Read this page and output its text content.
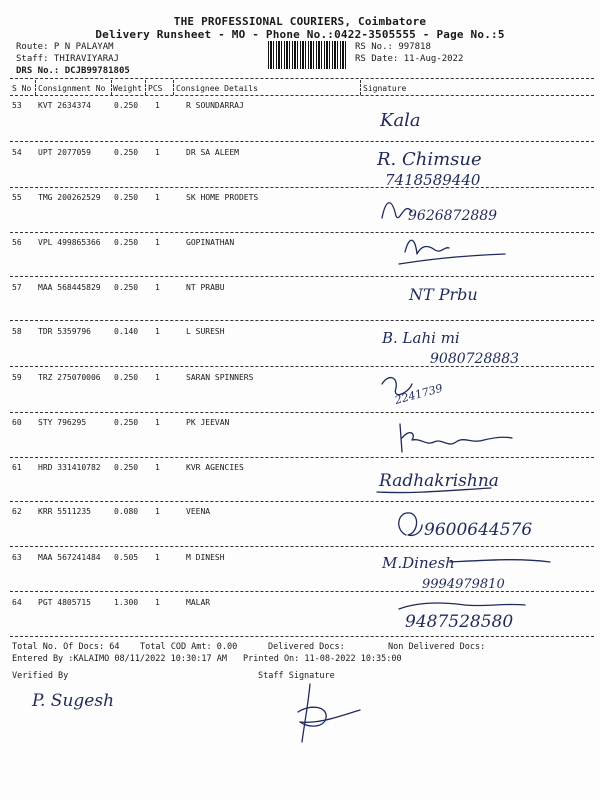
THE PROFESSIONAL COURIERS, Coimbatore
Delivery Runsheet - MO - Phone No.:0422-3505555 - Page No.:5
Route: P N PALAYAM
Staff: THIRAVIYARAJ
DRS No.: DCJB99781805
RS No.: 997818
RS Date: 11-Aug-2022
S No Consignment No Weight PCS Consignee Details	Signature
53 KVT 2634374	0.250 1	R SOUNDARRAJ
Kala
54 UPT 2077059	0.250 1	DR SA ALEEM	R. Chimsue
7418589440
55 TMG 200262529 0.250 1	SK HOME PRODETS
9626872889
56 VPL 499865366 0.250 1	GOPINATHAN
57 MAA 568445829 0.250 1	NT PRABU	NT Prbu
58 TDR 5359796	0.140 1	L SURESH	B. Lahi mi
9080728883
59 TRZ 275070006 0.250 1	SARAN SPINNERS
2241739
60 STY 796295	0.250 1	PK JEEVAN
61 HRD 331410782 0.250 1	KVR AGENCIES
Radhakrishna
62 KRR 5511235	0.080 1	VEENA
9600644576
63 MAA 567241484 0.505 1	M DINESH	M.Dinesh
9994979810
64 PGT 4805715	1.300 1	MALAR
9487528580
Total No. Of Docs: 64 Total COD Amt: 0.00	Delivered Docs:	Non Delivered Docs:
Entered By :KALAIMO 08/11/2022 10:30:17 AM Printed On: 11-08-2022 10:35:00
Verified By	Staff Signature
P. Sugesh
